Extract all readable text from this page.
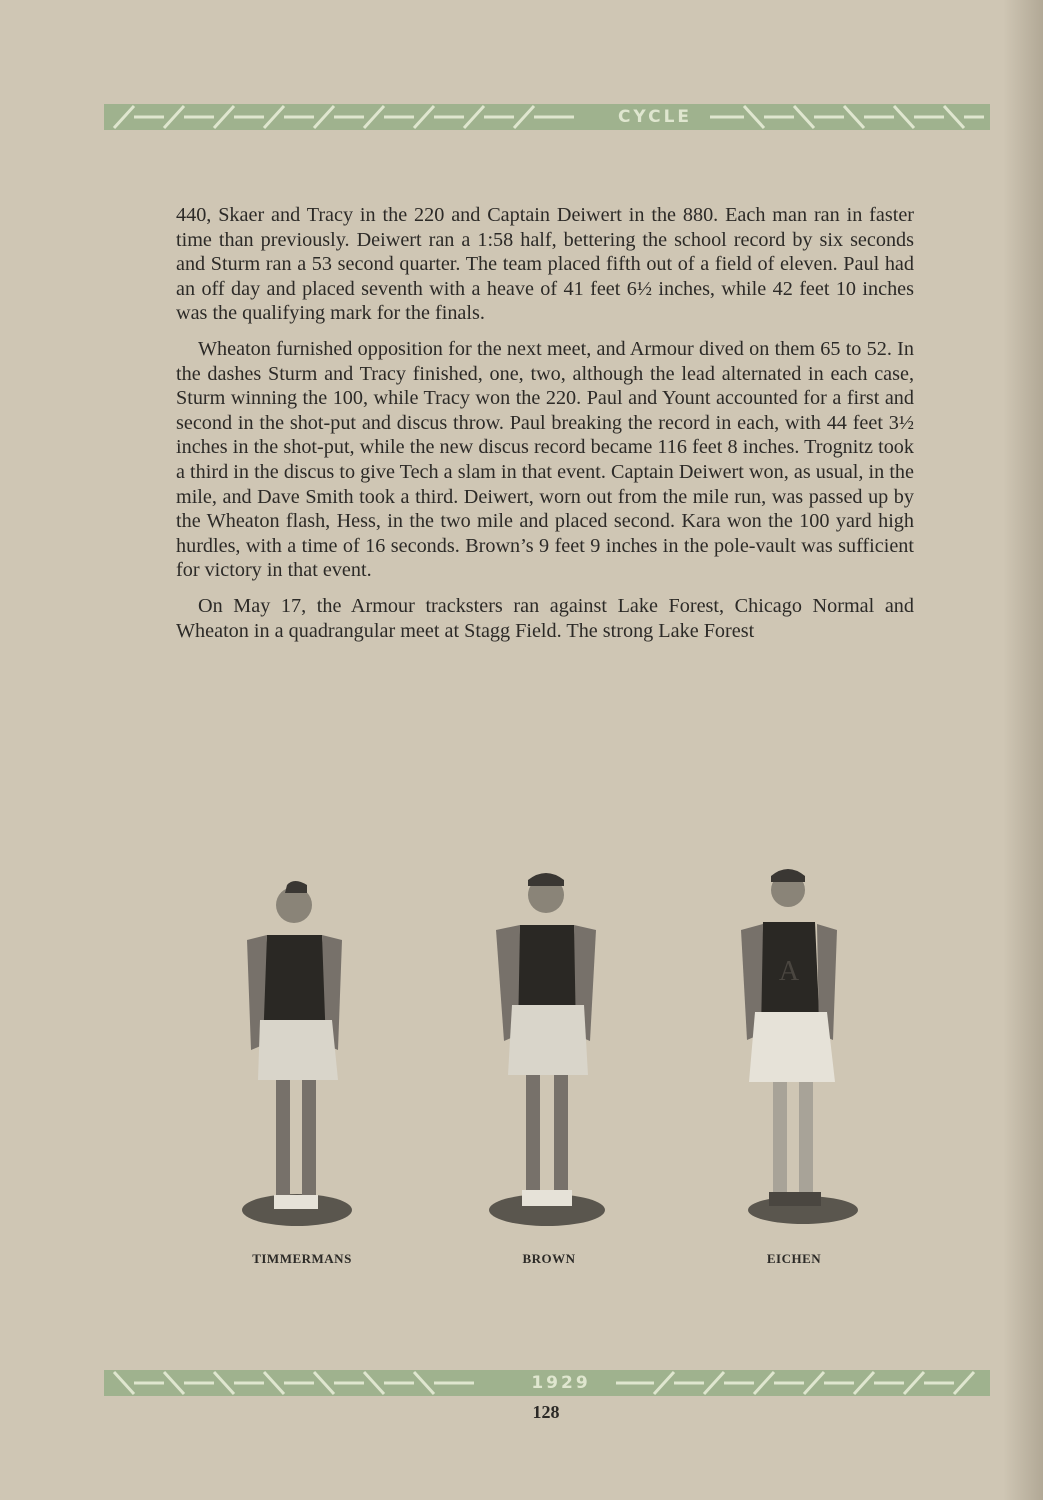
CYCLE

440, Skaer and Tracy in the 220 and Captain Deiwert in the 880. Each man ran in faster time than previously. Deiwert ran a 1:58 half, bettering the school record by six seconds and Sturm ran a 53 second quarter. The team placed fifth out of a field of eleven. Paul had an off day and placed seventh with a heave of 41 feet 6½ inches, while 42 feet 10 inches was the qualifying mark for the finals.

Wheaton furnished opposition for the next meet, and Armour dived on them 65 to 52. In the dashes Sturm and Tracy finished, one, two, although the lead alternated in each case, Sturm winning the 100, while Tracy won the 220. Paul and Yount accounted for a first and second in the shot-put and discus throw. Paul breaking the record in each, with 44 feet 3½ inches in the shot-put, while the new discus record became 116 feet 8 inches. Trognitz took a third in the discus to give Tech a slam in that event. Captain Deiwert won, as usual, in the mile, and Dave Smith took a third. Deiwert, worn out from the mile run, was passed up by the Wheaton flash, Hess, in the two mile and placed second. Kara won the 100 yard high hurdles, with a time of 16 seconds. Brown’s 9 feet 9 inches in the pole-vault was sufficient for victory in that event.

On May 17, the Armour tracksters ran against Lake Forest, Chicago Normal and Wheaton in a quadrangular meet at Stagg Field. The strong Lake Forest

A
TIMMERMANS	BROWN	EICHEN
1929
128
